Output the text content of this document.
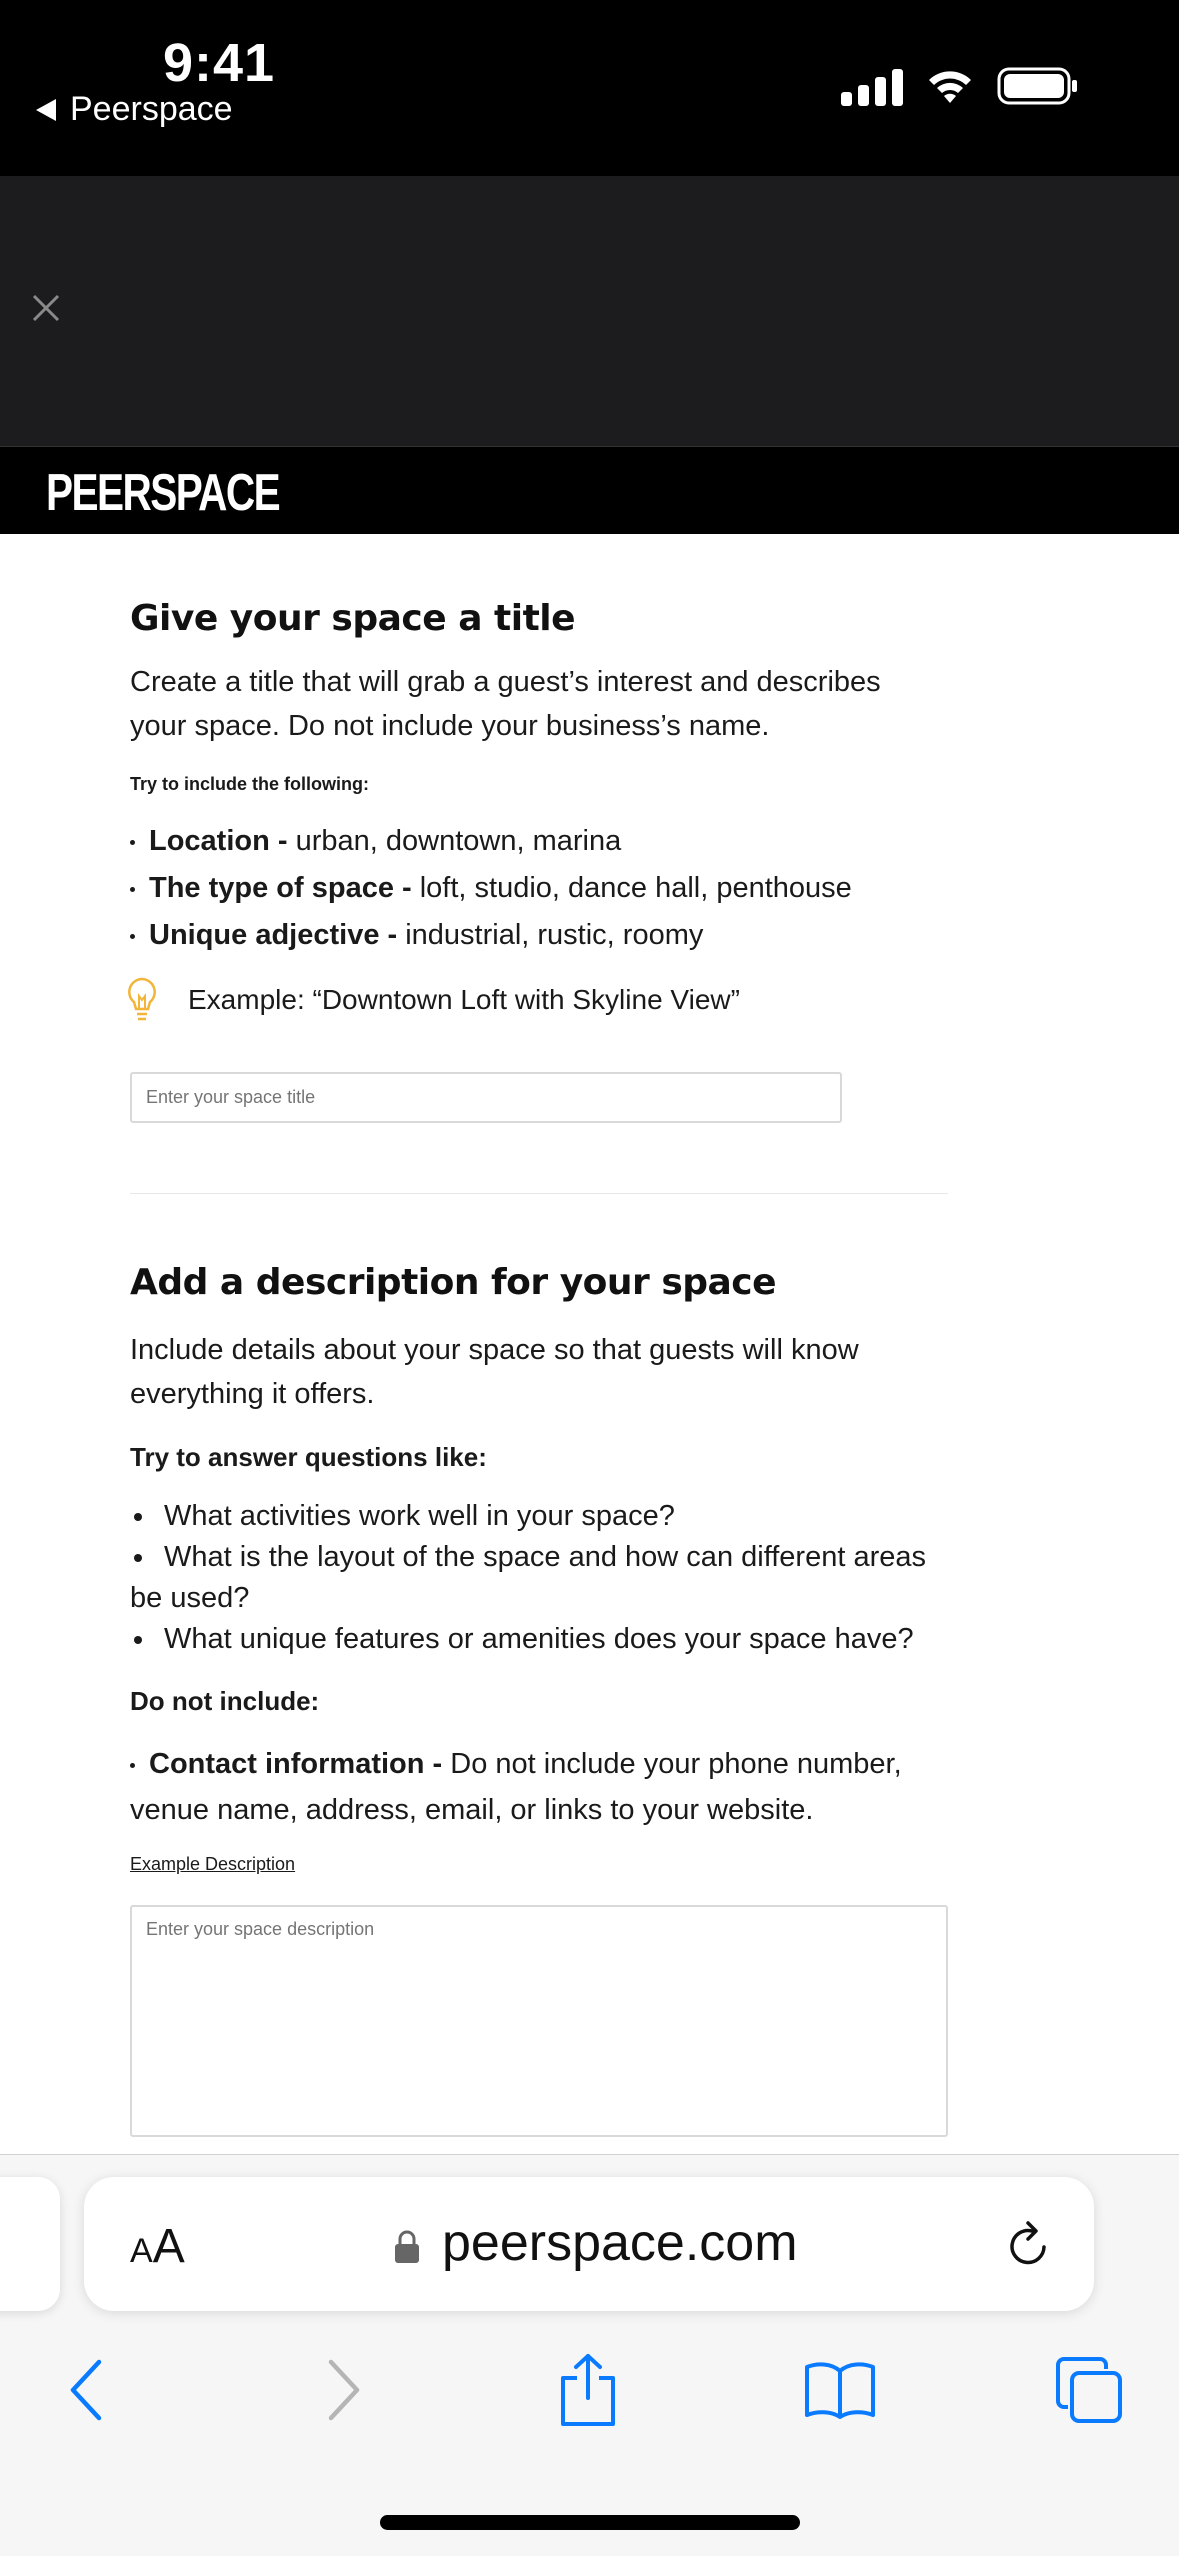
9:41
Peerspace
PEERSPACE
Give your space a title

Create a title that will grab a guest’s interest and describes your space. Do not include your business’s name.

Try to include the following:
Location - urban, downtown, marina
The type of space - loft, studio, dance hall, penthouse
Unique adjective - industrial, rustic, roomy
Example: “Downtown Loft with Skyline View”
Enter your space title
Add a description for your space

Include details about your space so that guests will know everything it offers.

Try to answer questions like:
What activities work well in your space?
What is the layout of the space and how can different areas be used?
What unique features or amenities does your space have?
Do not include:
Contact information - Do not include your phone number, venue name, address, email, or links to your website.
Example Description
Enter your space description
AA	peerspace.com
